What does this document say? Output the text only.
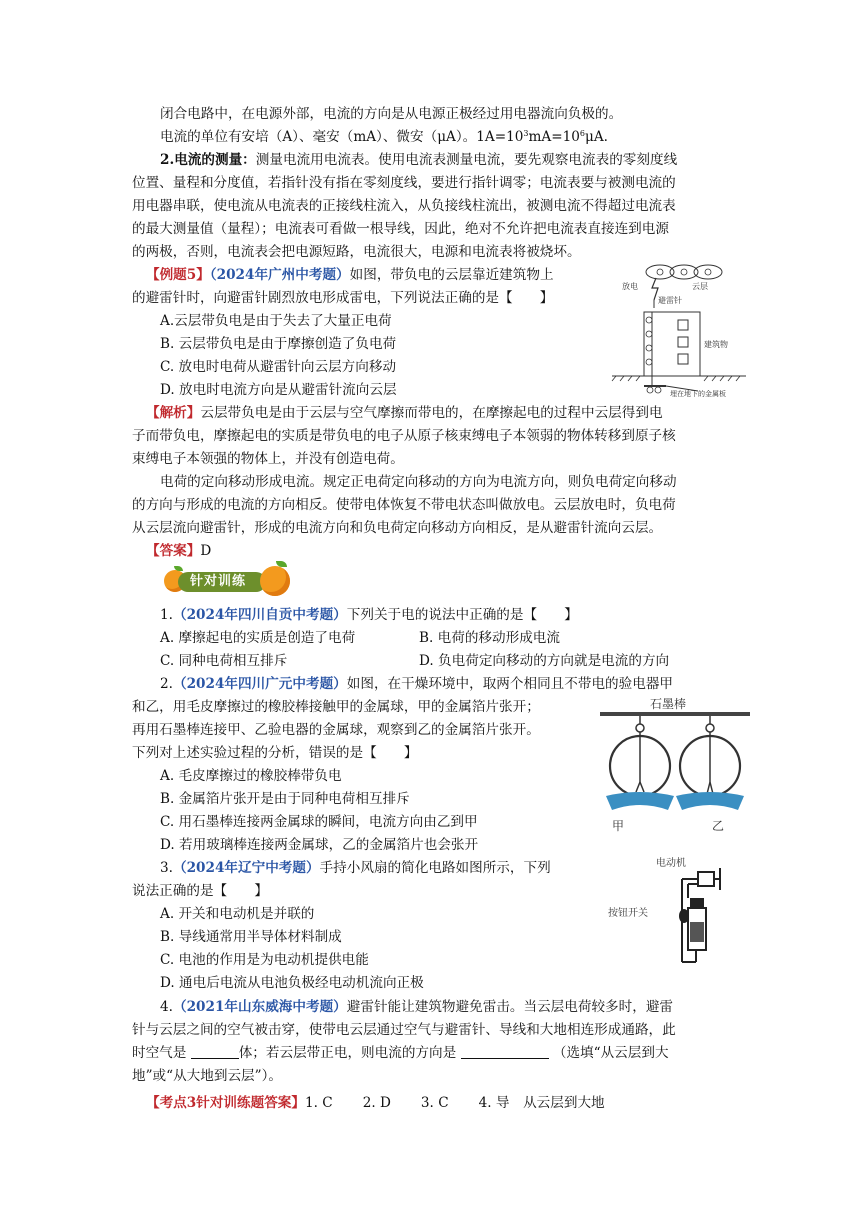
闭合电路中，在电源外部，电流的方向是从电源正极经过用电器流向负极的。
电流的单位有安培（A）、毫安（mA）、微安（μA）。$1A=10^3mA=10^6\mu A$.
2.电流的测量：测量电流用电流表。使用电流表测量电流，要先观察电流表的零刻度线
位置、量程和分度值，若指针没有指在零刻度线，要进行指针调零；电流表要与被测电流的
用电器串联，使电流从电流表的正接线柱流入，从负接线柱流出，被测电流不得超过电流表
的最大测量值（量程）；电流表可看做一根导线，因此，绝对不允许把电流表直接连到电源
的两极，否则，电流表会把电源短路，电流很大，电源和电流表将被烧坏。
【例题5】（2024年广州中考题）如图，带负电的云层靠近建筑物上
的避雷针时，向避雷针剧烈放电形成雷电，下列说法正确的是【　　】
A.云层带负电是由于失去了大量正电荷
B. 云层带负电是由于摩擦创造了负电荷
C. 放电时电荷从避雷针向云层方向移动
D. 放电时电流方向是从避雷针流向云层
放电	云层
避雷针
建筑物
埋在地下的金属板
【解析】云层带负电是由于云层与空气摩擦而带电的，在摩擦起电的过程中云层得到电
子而带负电，摩擦起电的实质是带负电的电子从原子核束缚电子本领弱的物体转移到原子核
束缚电子本领强的物体上，并没有创造电荷。
电荷的定向移动形成电流。规定正电荷定向移动的方向为电流方向，则负电荷定向移动
的方向与形成的电流的方向相反。使带电体恢复不带电状态叫做放电。云层放电时，负电荷
从云层流向避雷针，形成的电流方向和负电荷定向移动方向相反，是从避雷针流向云层。
【答案】D
针对训练
1.（2024年四川自贡中考题）下列关于电的说法中正确的是【　　】
A. 摩擦起电的实质是创造了电荷	B. 电荷的移动形成电流
C. 同种电荷相互排斥	D. 负电荷定向移动的方向就是电流的方向
2.（2024年四川广元中考题）如图，在干燥环境中，取两个相同且不带电的验电器甲
和乙，用毛皮摩擦过的橡胶棒接触甲的金属球，甲的金属箔片张开；
再用石墨棒连接甲、乙验电器的金属球，观察到乙的金属箔片张开。
下列对上述实验过程的分析，错误的是【　　】
A. 毛皮摩擦过的橡胶棒带负电
B. 金属箔片张开是由于同种电荷相互排斥
C. 用石墨棒连接两金属球的瞬间，电流方向由乙到甲
D. 若用玻璃棒连接两金属球，乙的金属箔片也会张开
石墨棒
甲	乙
3.（2024年辽宁中考题）手持小风扇的简化电路如图所示，下列
说法正确的是【　　】
A. 开关和电动机是并联的
B. 导线通常用半导体材料制成
C. 电池的作用是为电动机提供电能
D. 通电后电流从电池负极经电动机流向正极
电动机
按钮开关
4.（2021年山东威海中考题）避雷针能让建筑物避免雷击。当云层电荷较多时，避雷
针与云层之间的空气被击穿，使带电云层通过空气与避雷针、导线和大地相连形成通路，此
时空气是	体；若云层带正电，则电流的方向是	（选填“从云层到大
地”或“从大地到云层”）。
【考点3针对训练题答案】1. C 2. D 3. C 4. 导　从云层到大地
